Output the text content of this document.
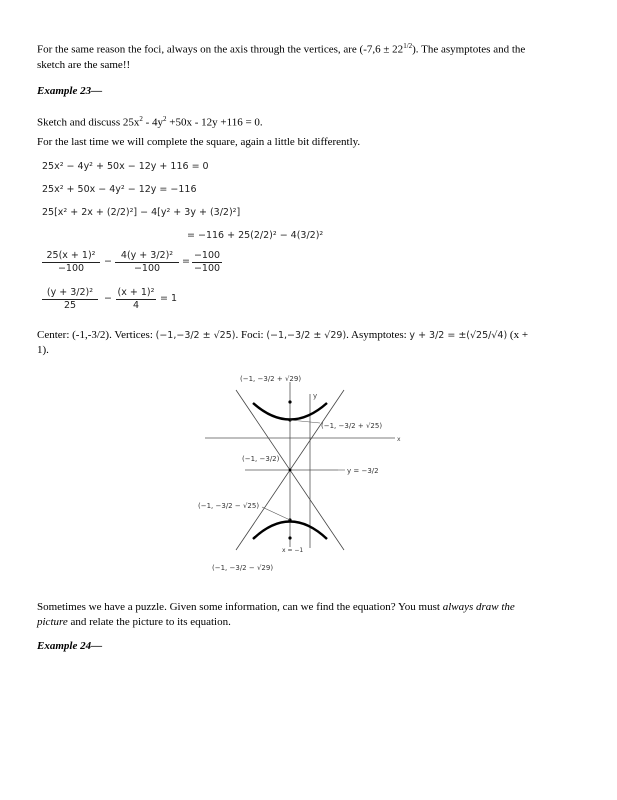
For the same reason the foci, always on the axis through the vertices, are $(-7,6 \pm 22^{1/2})$. The asymptotes and the
sketch are the same!!
Example 23—
Sketch and discuss $25x^2 - 4y^2 +50x - 12y +116 = 0$.
For the last time we will complete the square, again a little bit differently.
25x² − 4y² + 50x − 12y + 116 = 0
25x² + 50x − 4y² − 12y = −116
25[x² + 2x + (2/2)²] − 4[y² + 3y + (3/2)²]
= −116 + 25(2/2)² − 4(3/2)²
$\frac{\text{25(x + 1)²}}{-100} - \frac{\text{4(y + 3/2)²}}{-100} = \frac{-100}{-100}$
$\frac{\text{(y + 3/2)²}}{25} - \frac{\text{(x + 1)²}}{4} = 1$
Center: (-1,-3/2). Vertices: (−1,−3/2 ± √25). Foci: (−1,−3/2 ± √29). Asymptotes: y + 3/2 = ±(√25/√4) (x +
1).
x
y
(−1, −3/2 + √29)
(−1, −3/2 + √25)
(−1, −3/2)
y = −3/2
(−1, −3/2 − √25)
x = −1
(−1, −3/2 − √29)
Sometimes we have a puzzle. Given some information, can we find the equation? You must always draw the
picture and relate the picture to its equation.
Example 24—
